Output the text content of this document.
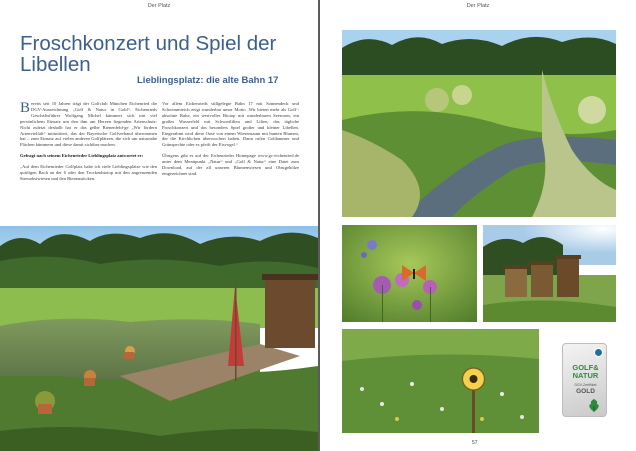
Der Platz
Froschkonzert und Spiel der Libellen
Lieblingsplatz: die alte Bahn 17

Bereits seit 10 Jahren trägt der Golfclub München Eichenried die DGV-Auszeichnung „Golf & Natur in Gold“. Eichenrieds Geschäftsführer Wolfgang Michel kümmert sich mit viel persönlichem Einsatz um den ihm am Herzen liegenden Artenschutz: Nicht zuletzt deshalb hat er das gelbe Bienenfeld-ge „Wir fördern Artenvielfalt“ mitinitiiert, das der Bayerische Golfverband überommen hat – zum Einsatz auf vielen anderen Golfplätzen, die sich um naturnahe Flächen kümmern und diese damit sichtbar machen.

Gefragt nach seinem Eichenrieder Lieblingsplatz antwortet er:

„Auf dem Eichenrieder Golfplatz habe ich viele Lieblingsplätze wie den quirligen Bach an der 6 oder den Trockenbiotop mit den angrenzenden Streuobstwiesen und den Bienenstöcken.

Vor allem Eichenrieds stillgelegte Bahn 17 mit Sonnendeck und Schwimmteich zeigt wunderbar unser Motto ‚Wir bieten mehr als Golf‘: absolute Ruhe, ein wertvolles Biotop mit wunderbaren Seerosen, ein großes Wasserfeld mit Schwertlilien und Lilien, das tägliche Froschkonzert und das besonders Spiel großer und kleiner Libellen. Eingerahmt wird diese Oase von einem Wiesensaum mit bunten Blumen, der die Kirchlichen überwuchert haben. Dann rufen Goldammer und Grünspechte oder es pfeift der Eisvogel.“

Übrigens gibt es auf der Eichenrieder Homepage www.gc-eichenried.de unter dem Menüpunkt „Natur“ und „Golf & Natur“ eine Datei zum Download, auf der all unseren Blumenwiesen und Obstgehölze eingezeichnet sind.

Der Platz
GOLF&
NATUR
DGV-Zertifikat
GOLD
57
